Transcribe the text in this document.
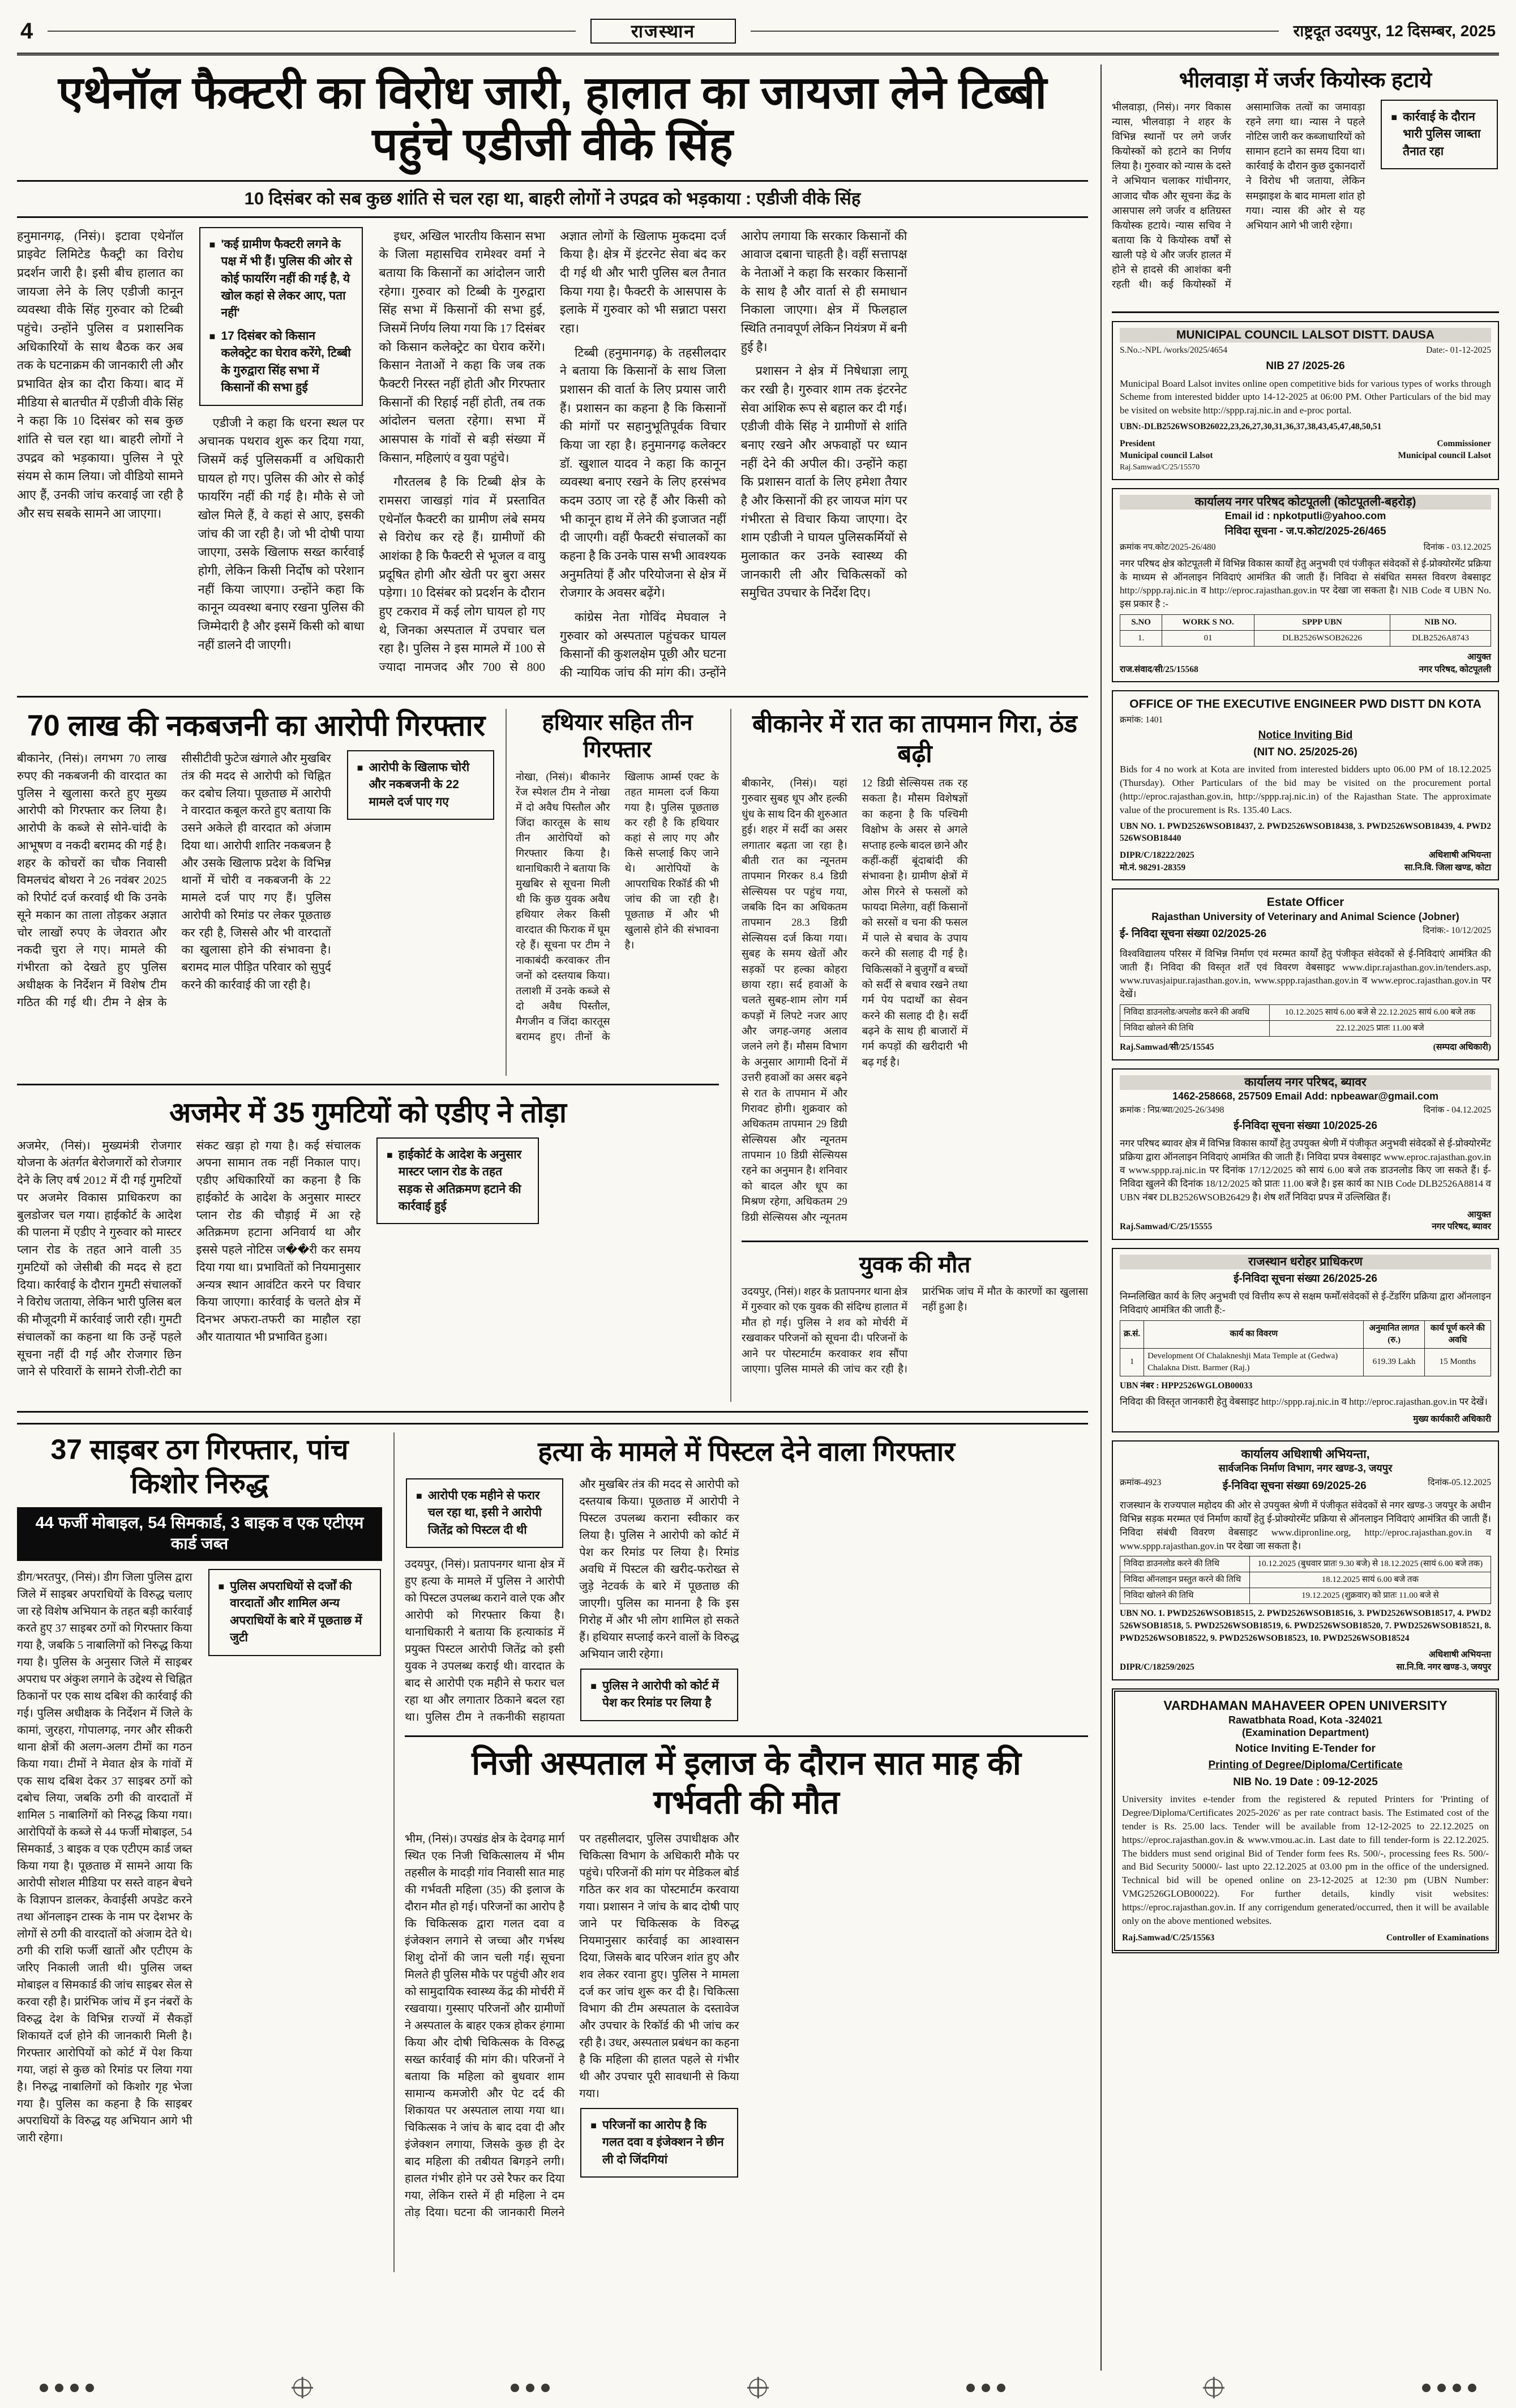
4	राजस्थान	राष्ट्रदूत उदयपुर, 12 दिसम्बर, 2025
एथेनॉल फैक्टरी का विरोध जारी, हालात का जायजा लेने टिब्बी पहुंचे एडीजी वीके सिंह
10 दिसंबर को सब कुछ शांति से चल रहा था, बाहरी लोगों ने उपद्रव को भड़काया : एडीजी वीके सिंह

हनुमानगढ़, (निसं)। इटावा एथेनॉल प्राइवेट लिमिटेड फैक्ट्री का विरोध प्रदर्शन जारी है। इसी बीच हालात का जायजा लेने के लिए एडीजी कानून व्यवस्था वीके सिंह गुरुवार को टिब्बी पहुंचे। उन्होंने पुलिस व प्रशासनिक अधिकारियों के साथ बैठक कर अब तक के घटनाक्रम की जानकारी ली और प्रभावित क्षेत्र का दौरा किया। बाद में मीडिया से बातचीत में एडीजी वीके सिंह ने कहा कि 10 दिसंबर को सब कुछ शांति से चल रहा था। बाहरी लोगों ने उपद्रव को भड़काया। पुलिस ने पूरे संयम से काम लिया। जो वीडियो सामने आए हैं, उनकी जांच करवाई जा रही है और सच सबके सामने आ जाएगा।

■
'कई ग्रामीण फैक्टरी लगने के पक्ष में भी हैं। पुलिस की ओर से कोई फायरिंग नहीं की गई है, ये खोल कहां से लेकर आए, पता नहीं'

■
17 दिसंबर को किसान कलेक्ट्रेट का घेराव करेंगे, टिब्बी के गुरुद्वारा सिंह सभा में किसानों की सभा हुई

एडीजी ने कहा कि धरना स्थल पर अचानक पथराव शुरू कर दिया गया, जिसमें कई पुलिसकर्मी व अधिकारी घायल हो गए। पुलिस की ओर से कोई फायरिंग नहीं की गई है। मौके से जो खोल मिले हैं, वे कहां से आए, इसकी जांच की जा रही है। जो भी दोषी पाया जाएगा, उसके खिलाफ सख्त कार्रवाई होगी, लेकिन किसी निर्दोष को परेशान नहीं किया जाएगा। उन्होंने कहा कि कानून व्यवस्था बनाए रखना पुलिस की जिम्मेदारी है और इसमें किसी को बाधा नहीं डालने दी जाएगी।

इधर, अखिल भारतीय किसान सभा के जिला महासचिव रामेश्वर वर्मा ने बताया कि किसानों का आंदोलन जारी रहेगा। गुरुवार को टिब्बी के गुरुद्वारा सिंह सभा में किसानों की सभा हुई, जिसमें निर्णय लिया गया कि 17 दिसंबर को किसान कलेक्ट्रेट का घेराव करेंगे। किसान नेताओं ने कहा कि जब तक फैक्टरी निरस्त नहीं होती और गिरफ्तार किसानों की रिहाई नहीं होती, तब तक आंदोलन चलता रहेगा। सभा में आसपास के गांवों से बड़ी संख्या में किसान, महिलाएं व युवा पहुंचे।

गौरतलब है कि टिब्बी क्षेत्र के रामसरा जाखड़ां गांव में प्रस्तावित एथेनॉल फैक्टरी का ग्रामीण लंबे समय से विरोध कर रहे हैं। ग्रामीणों की आशंका है कि फैक्टरी से भूजल व वायु प्रदूषित होगी और खेती पर बुरा असर पड़ेगा। 10 दिसंबर को प्रदर्शन के दौरान हुए टकराव में कई लोग घायल हो गए थे, जिनका अस्पताल में उपचार चल रहा है। पुलिस ने इस मामले में 100 से ज्यादा नामजद और 700 से 800 अज्ञात लोगों के खिलाफ मुकदमा दर्ज किया है। क्षेत्र में इंटरनेट सेवा बंद कर दी गई थी और भारी पुलिस बल तैनात किया गया है। फैक्टरी के आसपास के इलाके में गुरुवार को भी सन्नाटा पसरा रहा।

टिब्बी (हनुमानगढ़) के तहसीलदार ने बताया कि किसानों के साथ जिला प्रशासन की वार्ता के लिए प्रयास जारी हैं। प्रशासन का कहना है कि किसानों की मांगों पर सहानुभूतिपूर्वक विचार किया जा रहा है। हनुमानगढ़ कलेक्टर डॉ. खुशाल यादव ने कहा कि कानून व्यवस्था बनाए रखने के लिए हरसंभव कदम उठाए जा रहे हैं और किसी को भी कानून हाथ में लेने की इजाजत नहीं दी जाएगी। वहीं फैक्टरी संचालकों का कहना है कि उनके पास सभी आवश्यक अनुमतियां हैं और परियोजना से क्षेत्र में रोजगार के अवसर बढ़ेंगे।

कांग्रेस नेता गोविंद मेघवाल ने गुरुवार को अस्पताल पहुंचकर घायल किसानों की कुशलक्षेम पूछी और घटना की न्यायिक जांच की मांग की। उन्होंने आरोप लगाया कि सरकार किसानों की आवाज दबाना चाहती है। वहीं सत्तापक्ष के नेताओं ने कहा कि सरकार किसानों के साथ है और वार्ता से ही समाधान निकाला जाएगा। क्षेत्र में फिलहाल स्थिति तनावपूर्ण लेकिन नियंत्रण में बनी हुई है।

प्रशासन ने क्षेत्र में निषेधाज्ञा लागू कर रखी है। गुरुवार शाम तक इंटरनेट सेवा आंशिक रूप से बहाल कर दी गई। एडीजी वीके सिंह ने ग्रामीणों से शांति बनाए रखने और अफवाहों पर ध्यान नहीं देने की अपील की। उन्होंने कहा कि प्रशासन वार्ता के लिए हमेशा तैयार है और किसानों की हर जायज मांग पर गंभीरता से विचार किया जाएगा। देर शाम एडीजी ने घायल पुलिसकर्मियों से मुलाकात कर उनके स्वास्थ्य की जानकारी ली और चिकित्सकों को समुचित उपचार के निर्देश दिए।

70 लाख की नकबजनी का आरोपी गिरफ्तार

बीकानेर, (निसं)। लगभग 70 लाख रुपए की नकबजनी की वारदात का पुलिस ने खुलासा करते हुए मुख्य आरोपी को गिरफ्तार कर लिया है। आरोपी के कब्जे से सोने-चांदी के आभूषण व नकदी बरामद की गई है। शहर के कोचरों का चौक निवासी विमलचंद बोथरा ने 26 नवंबर 2025 को रिपोर्ट दर्ज करवाई थी कि उनके सूने मकान का ताला तोड़कर अज्ञात चोर लाखों रुपए के जेवरात और नकदी चुरा ले गए। मामले की गंभीरता को देखते हुए पुलिस अधीक्षक के निर्देशन में विशेष टीम गठित की गई थी। टीम ने क्षेत्र के सीसीटीवी फुटेज खंगाले और मुखबिर तंत्र की मदद से आरोपी को चिह्नित कर दबोच लिया। पूछताछ में आरोपी ने वारदात कबूल करते हुए बताया कि उसने अकेले ही वारदात को अंजाम दिया था। आरोपी शातिर नकबजन है और उसके खिलाफ प्रदेश के विभिन्न थानों में चोरी व नकबजनी के 22 मामले दर्ज पाए गए हैं। पुलिस आरोपी को रिमांड पर लेकर पूछताछ कर रही है, जिससे और भी वारदातों का खुलासा होने की संभावना है। बरामद माल पीड़ित परिवार को सुपुर्द करने की कार्रवाई की जा रही है।

■
आरोपी के खिलाफ चोरी और नकबजनी के 22 मामले दर्ज पाए गए

हथियार सहित तीन गिरफ्तार

नोखा, (निसं)। बीकानेर रेंज स्पेशल टीम ने नोखा में दो अवैध पिस्तौल और जिंदा कारतूस के साथ तीन आरोपियों को गिरफ्तार किया है। थानाधिकारी ने बताया कि मुखबिर से सूचना मिली थी कि कुछ युवक अवैध हथियार लेकर किसी वारदात की फिराक में घूम रहे हैं। सूचना पर टीम ने नाकाबंदी करवाकर तीन जनों को दस्तयाब किया। तलाशी में उनके कब्जे से दो अवैध पिस्तौल, मैगजीन व जिंदा कारतूस बरामद हुए। तीनों के खिलाफ आर्म्स एक्ट के तहत मामला दर्ज किया गया है। पुलिस पूछताछ कर रही है कि हथियार कहां से लाए गए और किसे सप्लाई किए जाने थे। आरोपियों के आपराधिक रिकॉर्ड की भी जांच की जा रही है। पूछताछ में और भी खुलासे होने की संभावना है।

अजमेर में 35 गुमटियों को एडीए ने तोड़ा

अजमेर, (निसं)। मुख्यमंत्री रोजगार योजना के अंतर्गत बेरोजगारों को रोजगार देने के लिए वर्ष 2012 में दी गई गुमटियों पर अजमेर विकास प्राधिकरण का बुलडोजर चल गया। हाईकोर्ट के आदेश की पालना में एडीए ने गुरुवार को मास्टर प्लान रोड के तहत आने वाली 35 गुमटियों को जेसीबी की मदद से हटा दिया। कार्रवाई के दौरान गुमटी संचालकों ने विरोध जताया, लेकिन भारी पुलिस बल की मौजूदगी में कार्रवाई जारी रही। गुमटी संचालकों का कहना था कि उन्हें पहले सूचना नहीं दी गई और रोजगार छिन जाने से परिवारों के सामने रोजी-रोटी का संकट खड़ा हो गया है। कई संचालक अपना सामान तक नहीं निकाल पाए। एडीए अधिकारियों का कहना है कि हाईकोर्ट के आदेश के अनुसार मास्टर प्लान रोड की चौड़ाई में आ रहे अतिक्रमण हटाना अनिवार्य था और इससे पहले नोटिस ज��री कर समय दिया गया था। प्रभावितों को नियमानुसार अन्यत्र स्थान आवंटित करने पर विचार किया जाएगा। कार्रवाई के चलते क्षेत्र में दिनभर अफरा-तफरी का माहौल रहा और यातायात भी प्रभावित हुआ।

■
हाईकोर्ट के आदेश के अनुसार मास्टर प्लान रोड के तहत सड़क से अतिक्रमण हटाने की कार्रवाई हुई

बीकानेर में रात का तापमान गिरा, ठंड बढ़ी

बीकानेर, (निसं)। यहां गुरुवार सुबह धूप और हल्की धुंध के साथ दिन की शुरुआत हुई। शहर में सर्दी का असर लगातार बढ़ता जा रहा है। बीती रात का न्यूनतम तापमान गिरकर 8.4 डिग्री सेल्सियस पर पहुंच गया, जबकि दिन का अधिकतम तापमान 28.3 डिग्री सेल्सियस दर्ज किया गया। सुबह के समय खेतों और सड़कों पर हल्का कोहरा छाया रहा। सर्द हवाओं के चलते सुबह-शाम लोग गर्म कपड़ों में लिपटे नजर आए और जगह-जगह अलाव जलने लगे हैं। मौसम विभाग के अनुसार आगामी दिनों में उत्तरी हवाओं का असर बढ़ने से रात के तापमान में और गिरावट होगी। शुक्रवार को अधिकतम तापमान 29 डिग्री सेल्सियस और न्यूनतम तापमान 10 डिग्री सेल्सियस रहने का अनुमान है। शनिवार को बादल और धूप का मिश्रण रहेगा, अधिकतम 29 डिग्री सेल्सियस और न्यूनतम 12 डिग्री सेल्सियस तक रह सकता है। मौसम विशेषज्ञों का कहना है कि पश्चिमी विक्षोभ के असर से अगले सप्ताह हल्के बादल छाने और कहीं-कहीं बूंदाबांदी की संभावना है। ग्रामीण क्षेत्रों में ओस गिरने से फसलों को फायदा मिलेगा, वहीं किसानों को सरसों व चना की फसल में पाले से बचाव के उपाय करने की सलाह दी गई है। चिकित्सकों ने बुजुर्गों व बच्चों को सर्दी से बचाव रखने तथा गर्म पेय पदार्थों का सेवन करने की सलाह दी है। सर्दी बढ़ने के साथ ही बाजारों में गर्म कपड़ों की खरीदारी भी बढ़ गई है।

युवक की मौत

उदयपुर, (निसं)। शहर के प्रतापनगर थाना क्षेत्र में गुरुवार को एक युवक की संदिग्ध हालात में मौत हो गई। पुलिस ने शव को मोर्चरी में रखवाकर परिजनों को सूचना दी। परिजनों के आने पर पोस्टमार्टम करवाकर शव सौंपा जाएगा। पुलिस मामले की जांच कर रही है। प्रारंभिक जांच में मौत के कारणों का खुलासा नहीं हुआ है।

37 साइबर ठग गिरफ्तार, पांच किशोर निरुद्ध
44 फर्जी मोबाइल, 54 सिमकार्ड, 3 बाइक व एक एटीएम कार्ड जब्त

डीग/भरतपुर, (निसं)। डीग जिला पुलिस द्वारा जिले में साइबर अपराधियों के विरुद्ध चलाए जा रहे विशेष अभियान के तहत बड़ी कार्रवाई करते हुए 37 साइबर ठगों को गिरफ्तार किया गया है, जबकि 5 नाबालिगों को निरुद्ध किया गया है। पुलिस के अनुसार जिले में साइबर अपराध पर अंकुश लगाने के उद्देश्य से चिह्नित ठिकानों पर एक साथ दबिश की कार्रवाई की गई। पुलिस अधीक्षक के निर्देशन में जिले के कामां, जुरहरा, गोपालगढ़, नगर और सीकरी थाना क्षेत्रों की अलग-अलग टीमों का गठन किया गया। टीमों ने मेवात क्षेत्र के गांवों में एक साथ दबिश देकर 37 साइबर ठगों को दबोच लिया, जबकि ठगी की वारदातों में शामिल 5 नाबालिगों को निरुद्ध किया गया। आरोपियों के कब्जे से 44 फर्जी मोबाइल, 54 सिमकार्ड, 3 बाइक व एक एटीएम कार्ड जब्त किया गया है। पूछताछ में सामने आया कि आरोपी सोशल मीडिया पर सस्ते वाहन बेचने के विज्ञापन डालकर, केवाईसी अपडेट करने तथा ऑनलाइन टास्क के नाम पर देशभर के लोगों से ठगी की वारदातों को अंजाम देते थे। ठगी की राशि फर्जी खातों और एटीएम के जरिए निकाली जाती थी। पुलिस जब्त मोबाइल व सिमकार्ड की जांच साइबर सेल से करवा रही है। प्रारंभिक जांच में इन नंबरों के विरुद्ध देश के विभिन्न राज्यों में सैकड़ों शिकायतें दर्ज होने की जानकारी मिली है। गिरफ्तार आरोपियों को कोर्ट में पेश किया गया, जहां से कुछ को रिमांड पर लिया गया है। निरुद्ध नाबालिगों को किशोर गृह भेजा गया है। पुलिस का कहना है कि साइबर अपराधियों के विरुद्ध यह अभियान आगे भी जारी रहेगा।

■
पुलिस अपराधियों से दर्जों की वारदातों और शामिल अन्य अपराधियों के बारे में पूछताछ में जुटी

हत्या के मामले में पिस्टल देने वाला गिरफ्तार

■
आरोपी एक महीने से फरार चल रहा था, इसी ने आरोपी जितेंद्र को पिस्टल दी थी

उदयपुर, (निसं)। प्रतापनगर थाना क्षेत्र में हुए हत्या के मामले में पुलिस ने आरोपी को पिस्टल उपलब्ध कराने वाले एक और आरोपी को गिरफ्तार किया है। थानाधिकारी ने बताया कि हत्याकांड में प्रयुक्त पिस्टल आरोपी जितेंद्र को इसी युवक ने उपलब्ध कराई थी। वारदात के बाद से आरोपी एक महीने से फरार चल रहा था और लगातार ठिकाने बदल रहा था। पुलिस टीम ने तकनीकी सहायता और मुखबिर तंत्र की मदद से आरोपी को दस्तयाब किया। पूछताछ में आरोपी ने पिस्टल उपलब्ध कराना स्वीकार कर लिया है। पुलिस ने आरोपी को कोर्ट में पेश कर रिमांड पर लिया है। रिमांड अवधि में पिस्टल की खरीद-फरोख्त से जुड़े नेटवर्क के बारे में पूछताछ की जाएगी। पुलिस का मानना है कि इस गिरोह में और भी लोग शामिल हो सकते हैं। हथियार सप्लाई करने वालों के विरुद्ध अभियान जारी रहेगा।

■
पुलिस ने आरोपी को कोर्ट में पेश कर रिमांड पर लिया है

निजी अस्पताल में इलाज के दौरान सात माह की गर्भवती की मौत

भीम, (निसं)। उपखंड क्षेत्र के देवगढ़ मार्ग स्थित एक निजी चिकित्सालय में भीम तहसील के मादड़ी गांव निवासी सात माह की गर्भवती महिला (35) की इलाज के दौरान मौत हो गई। परिजनों का आरोप है कि चिकित्सक द्वारा गलत दवा व इंजेक्शन लगाने से जच्चा और गर्भस्थ शिशु दोनों की जान चली गई। सूचना मिलते ही पुलिस मौके पर पहुंची और शव को सामुदायिक स्वास्थ्य केंद्र की मोर्चरी में रखवाया। गुस्साए परिजनों और ग्रामीणों ने अस्पताल के बाहर एकत्र होकर हंगामा किया और दोषी चिकित्सक के विरुद्ध सख्त कार्रवाई की मांग की। परिजनों ने बताया कि महिला को बुधवार शाम सामान्य कमजोरी और पेट दर्द की शिकायत पर अस्पताल लाया गया था। चिकित्सक ने जांच के बाद दवा दी और इंजेक्शन लगाया, जिसके कुछ ही देर बाद महिला की तबीयत बिगड़ने लगी। हालत गंभीर होने पर उसे रैफर कर दिया गया, लेकिन रास्ते में ही महिला ने दम तोड़ दिया। घटना की जानकारी मिलने पर तहसीलदार, पुलिस उपाधीक्षक और चिकित्सा विभाग के अधिकारी मौके पर पहुंचे। परिजनों की मांग पर मेडिकल बोर्ड गठित कर शव का पोस्टमार्टम करवाया गया। प्रशासन ने जांच के बाद दोषी पाए जाने पर चिकित्सक के विरुद्ध नियमानुसार कार्रवाई का आश्वासन दिया, जिसके बाद परिजन शांत हुए और शव लेकर रवाना हुए। पुलिस ने मामला दर्ज कर जांच शुरू कर दी है। चिकित्सा विभाग की टीम अस्पताल के दस्तावेज और उपचार के रिकॉर्ड की भी जांच कर रही है। उधर, अस्पताल प्रबंधन का कहना है कि महिला की हालत पहले से गंभीर थी और उपचार पूरी सावधानी से किया गया।

■
परिजनों का आरोप है कि गलत दवा व इंजेक्शन ने छीन ली दो जिंदगियां

भीलवाड़ा में जर्जर कियोस्क हटाये

भीलवाड़ा, (निसं)। नगर विकास न्यास, भीलवाड़ा ने शहर के विभिन्न स्थानों पर लगे जर्जर कियोस्कों को हटाने का निर्णय लिया है। गुरुवार को न्यास के दस्ते ने अभियान चलाकर गांधीनगर, आजाद चौक और सूचना केंद्र के आसपास लगे जर्जर व क्षतिग्रस्त कियोस्क हटाये। न्यास सचिव ने बताया कि ये कियोस्क वर्षों से खाली पड़े थे और जर्जर हालत में होने से हादसे की आशंका बनी रहती थी। कई कियोस्कों में असामाजिक तत्वों का जमावड़ा रहने लगा था। न्यास ने पहले नोटिस जारी कर कब्जाधारियों को सामान हटाने का समय दिया था। कार्रवाई के दौरान कुछ दुकानदारों ने विरोध भी जताया, लेकिन समझाइश के बाद मामला शांत हो गया। न्यास की ओर से यह अभियान आगे भी जारी रहेगा।

■
कार्रवाई के दौरान भारी पुलिस जाब्ता तैनात रहा

MUNICIPAL COUNCIL LALSOT DISTT. DAUSA
S.No.:-NPL /works/2025/4654	Date:- 01-12-2025
NIB 27 /2025-26
Municipal Board Lalsot invites online open competitive bids for various types of works through Scheme from interested bidder upto 14-12-2025 at 06:00 PM. Other Particulars of the bid may be visited on website http://sppp.raj.nic.in and e-proc portal.
UBN:-DLB2526WSOB26022,23,26,27,30,31,36,37,38,43,45,47,48,50,51
President
Municipal council Lalsot
Commissioner
Municipal council Lalsot
Raj.Samwad/C/25/15570
कार्यालय नगर परिषद कोटपूतली (कोटपूतली-बहरोड़)
Email id : npkotputli@yahoo.com
निविदा सूचना - ज.प.कोट/2025-26/465
क्रमांक नप.कोट/2025-26/480	दिनांक - 03.12.2025
नगर परिषद क्षेत्र कोटपूतली में विभिन्न विकास कार्यों हेतु अनुभवी एवं पंजीकृत संवेदकों से ई-प्रोक्योरमेंट प्रक्रिया के माध्यम से ऑनलाइन निविदाएं आमंत्रित की जाती हैं। निविदा से संबंधित समस्त विवरण वेबसाइट http://sppp.raj.nic.in व http://eproc.rajasthan.gov.in पर देखा जा सकता है। NIB Code व UBN No. इस प्रकार है :-
S.NO	WORK S NO.	SPPP UBN	NIB NO.
1.	01	DLB2526WSOB26226	DLB2526A8743
राज.संवाद/सी/25/15568
आयुक्त
नगर परिषद, कोटपूतली
OFFICE OF THE EXECUTIVE ENGINEER PWD DISTT DN KOTA
क्रमांक: 1401
Notice Inviting Bid
(NIT NO. 25/2025-26)
Bids for 4 no work at Kota are invited from interested bidders upto 06.00 PM of 18.12.2025 (Thursday). Other Particulars of the bid may be visited on the procurement portal (http://eproc.rajasthan.gov.in, http://sppp.raj.nic.in) of the Rajasthan State. The approximate value of the procurement is Rs. 135.40 Lacs.
UBN NO. 1. PWD2526WSOB18437, 2. PWD2526WSOB18438, 3. PWD2526WSOB18439, 4. PWD2526WSOB18440
DIPR/C/18222/2025
मो.नं. 98291-28359
अधिशाषी अभियन्ता
सा.नि.वि. जिला खण्ड, कोटा
Estate Officer
Rajasthan University of Veterinary and Animal Science (Jobner)
ई- निविदा सूचना संख्या 02/2025-26	दिनांक:- 10/12/2025
विश्वविद्यालय परिसर में विभिन्न निर्माण एवं मरम्मत कार्यों हेतु पंजीकृत संवेदकों से ई-निविदाएं आमंत्रित की जाती हैं। निविदा की विस्तृत शर्तें एवं विवरण वेबसाइट www.dipr.rajasthan.gov.in/tenders.asp, www.ruvasjaipur.rajasthan.gov.in, www.sppp.rajasthan.gov.in व www.eproc.rajasthan.gov.in पर देखें।
निविदा डाउनलोड/अपलोड करने की अवधि	10.12.2025 सायं 6.00 बजे से 22.12.2025 सायं 6.00 बजे तक
निविदा खोलने की तिथि	22.12.2025 प्रातः 11.00 बजे
Raj.Samwad/सी/25/15545	(सम्पदा अधिकारी)
कार्यालय नगर परिषद, ब्यावर
1462-258668, 257509 Email Add: npbeawar@gmail.com
क्रमांक : निप्र/ब्या/2025-26/3498	दिनांक - 04.12.2025
ई-निविदा सूचना संख्या 10/2025-26
नगर परिषद ब्यावर क्षेत्र में विभिन्न विकास कार्यों हेतु उपयुक्त श्रेणी में पंजीकृत अनुभवी संवेदकों से ई-प्रोक्योरमेंट प्रक्रिया द्वारा ऑनलाइन निविदाएं आमंत्रित की जाती हैं। निविदा प्रपत्र वेबसाइट www.eproc.rajasthan.gov.in व www.sppp.raj.nic.in पर दिनांक 17/12/2025 को सायं 6.00 बजे तक डाउनलोड किए जा सकते हैं। ई-निविदा खुलने की दिनांक 18/12/2025 को प्रातः 11.00 बजे है। इस कार्य का NIB Code DLB2526A8814 व UBN नंबर DLB2526WSOB26429 है। शेष शर्तें निविदा प्रपत्र में उल्लिखित हैं।
Raj.Samwad/C/25/15555
आयुक्त
नगर परिषद, ब्यावर
राजस्थान धरोहर प्राधिकरण
ई-निविदा सूचना संख्या 26/2025-26
निम्नलिखित कार्य के लिए अनुभवी एवं वित्तीय रूप से सक्षम फर्मों/संवेदकों से ई-टेंडरिंग प्रक्रिया द्वारा ऑनलाइन निविदाएं आमंत्रित की जाती हैं:-
क्र.सं.	कार्य का विवरण	अनुमानित लागत (रु.)	कार्य पूर्ण करने की अवधि
1	Development Of Chalakneshji Mata Temple at (Gedwa) Chalakna Distt. Barmer (Raj.)	619.39 Lakh	15 Months
UBN नंबर : HPP2526WGLOB00033
निविदा की विस्तृत जानकारी हेतु वेबसाइट http://sppp.raj.nic.in व http://eproc.rajasthan.gov.in पर देखें।
मुख्य कार्यकारी अधिकारी
कार्यालय अधिशाषी अभियन्ता,
सार्वजनिक निर्माण विभाग, नगर खण्ड-3, जयपुर
क्रमांक-4923	ई-निविदा सूचना संख्या 69/2025-26	दिनांक-05.12.2025
राजस्थान के राज्यपाल महोदय की ओर से उपयुक्त श्रेणी में पंजीकृत संवेदकों से नगर खण्ड-3 जयपुर के अधीन विभिन्न सड़क मरम्मत एवं निर्माण कार्यों हेतु ई-प्रोक्योरमेंट प्रक्रिया से ऑनलाइन निविदाएं आमंत्रित की जाती हैं। निविदा संबंधी विवरण वेबसाइट www.dipronline.org, http://eproc.rajasthan.gov.in व www.sppp.rajasthan.gov.in पर देखा जा सकता है।
निविदा डाउनलोड करने की तिथि	10.12.2025 (बुधवार प्रातः 9.30 बजे) से 18.12.2025 (सायं 6.00 बजे तक)
निविदा ऑनलाइन प्रस्तुत करने की तिथि	18.12.2025 सायं 6.00 बजे तक
निविदा खोलने की तिथि	19.12.2025 (शुक्रवार) को प्रातः 11.00 बजे से
UBN NO. 1. PWD2526WSOB18515, 2. PWD2526WSOB18516, 3. PWD2526WSOB18517, 4. PWD2526WSOB18518, 5. PWD2526WSOB18519, 6. PWD2526WSOB18520, 7. PWD2526WSOB18521, 8. PWD2526WSOB18522, 9. PWD2526WSOB18523, 10. PWD2526WSOB18524
DIPR/C/18259/2025
अधिशाषी अभियन्ता
सा.नि.वि. नगर खण्ड-3, जयपुर
VARDHAMAN MAHAVEER OPEN UNIVERSITY
Rawatbhata Road, Kota -324021
(Examination Department)
Notice Inviting E-Tender for
Printing of Degree/Diploma/Certificate
NIB No. 19 Date : 09-12-2025
University invites e-tender from the registered & reputed Printers for 'Printing of Degree/Diploma/Certificates 2025-2026' as per rate contract basis. The Estimated cost of the tender is Rs. 25.00 lacs. Tender will be available from 12-12-2025 to 22.12.2025 on https://eproc.rajasthan.gov.in & www.vmou.ac.in. Last date to fill tender-form is 22.12.2025. The bidders must send original Bid of Tender form fees Rs. 500/-, processing fees Rs. 500/- and Bid Security 50000/- last upto 22.12.2025 at 03.00 pm in the office of the undersigned. Technical bid will be opened online on 23-12-2025 at 12:30 pm (UBN Number: VMG2526GLOB00022). For further details, kindly visit websites: https://eproc.rajasthan.gov.in. If any corrigendum generated/occurred, then it will be available only on the above mentioned websites.
Raj.Samwad/C/25/15563	Controller of Examinations
